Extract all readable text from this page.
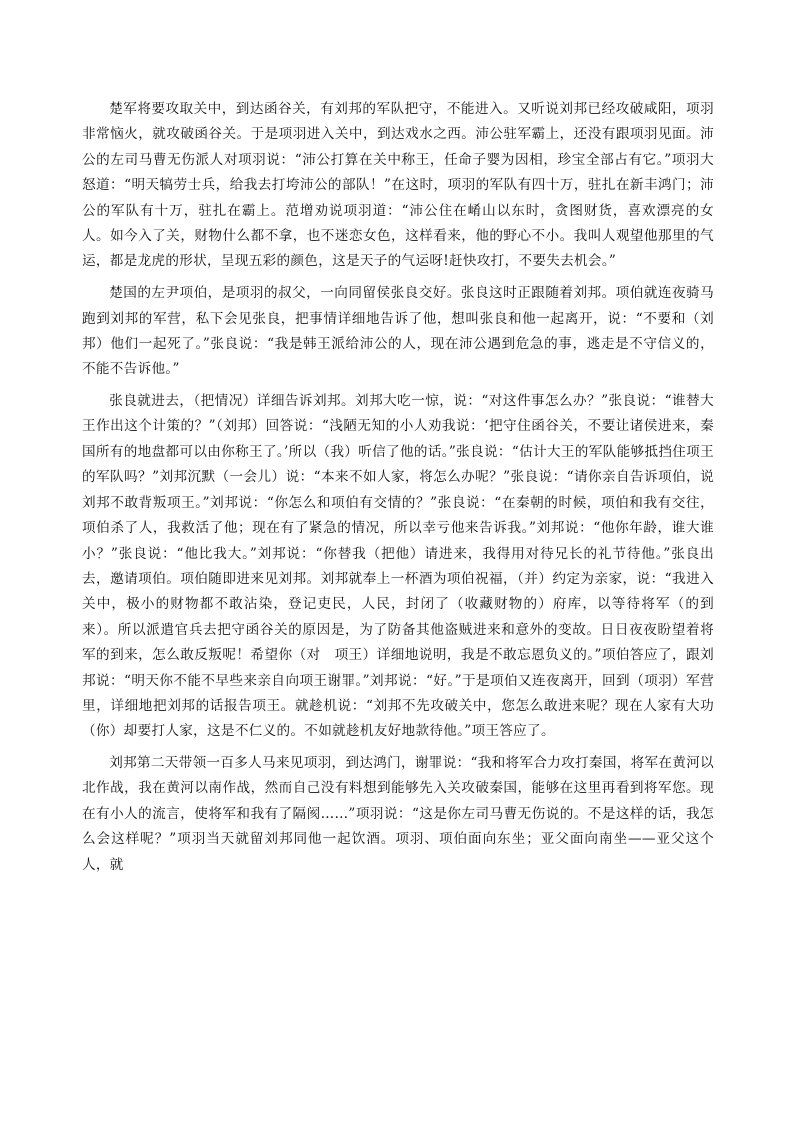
楚军将要攻取关中，到达函谷关，有刘邦的军队把守，不能进入。又听说刘邦已经攻破咸阳，项羽非常恼火，就攻破函谷关。于是项羽进入关中，到达戏水之西。沛公驻军霸上，还没有跟项羽见面。沛公的左司马曹无伤派人对项羽说：“沛公打算在关中称王，任命子婴为因相，珍宝全部占有它。”项羽大怒道：“明天犒劳士兵，给我去打垮沛公的部队！”在这时，项羽的军队有四十万，驻扎在新丰鸿门；沛公的军队有十万，驻扎在霸上。范增劝说项羽道：“沛公住在崤山以东时，贪图财货，喜欢漂亮的女人。如今入了关，财物什么都不拿，也不迷恋女色，这样看来，他的野心不小。我叫人观望他那里的气运，都是龙虎的形状，呈现五彩的颜色，这是天子的气运呀!赶快攻打，不要失去机会。”

楚国的左尹项伯，是项羽的叔父，一向同留侯张良交好。张良这时正跟随着刘邦。项伯就连夜骑马跑到刘邦的军营，私下会见张良，把事情详细地告诉了他，想叫张良和他一起离开，说：“不要和（刘邦）他们一起死了。”张良说：“我是韩王派给沛公的人，现在沛公遇到危急的事，逃走是不守信义的，不能不告诉他。”

张良就进去，（把情况）详细告诉刘邦。刘邦大吃一惊，说：“对这件事怎么办？”张良说：“谁替大王作出这个计策的？”（刘邦）回答说：“浅陋无知的小人劝我说：‘把守住函谷关，不要让诸侯进来，秦国所有的地盘都可以由你称王了。’所以（我）听信了他的话。”张良说：“估计大王的军队能够抵挡住项王的军队吗？”刘邦沉默（一会儿）说：“本来不如人家，将怎么办呢？”张良说：“请你亲自告诉项伯，说刘邦不敢背叛项王。”刘邦说：“你怎么和项伯有交情的？”张良说：“在秦朝的时候，项伯和我有交往，项伯杀了人，我救活了他；现在有了紧急的情况，所以幸亏他来告诉我。”刘邦说：“他你年龄，谁大谁小？”张良说：“他比我大。”刘邦说：“你替我（把他）请进来，我得用对待兄长的礼节待他。”张良出去，邀请项伯。项伯随即进来见刘邦。刘邦就奉上一杯酒为项伯祝福，（并）约定为亲家，说：“我进入关中，极小的财物都不敢沾染，登记吏民，人民，封闭了（收藏财物的）府库，以等待将军（的到来）。所以派遣官兵去把守函谷关的原因是，为了防备其他盗贼进来和意外的变故。日日夜夜盼望着将军的到来，怎么敢反叛呢！希望你（对　项王）详细地说明，我是不敢忘恩负义的。”项伯答应了，跟刘邦说：“明天你不能不早些来亲自向项王谢罪。”刘邦说：“好。”于是项伯又连夜离开，回到（项羽）军营里，详细地把刘邦的话报告项王。就趁机说：“刘邦不先攻破关中，您怎么敢进来呢？现在人家有大功（你）却要打人家，这是不仁义的。不如就趁机友好地款待他。”项王答应了。

刘邦第二天带领一百多人马来见项羽，到达鸿门，谢罪说：“我和将军合力攻打秦国，将军在黄河以北作战，我在黄河以南作战，然而自己没有料想到能够先入关攻破秦国，能够在这里再看到将军您。现在有小人的流言，使将军和我有了隔阂……”项羽说：“这是你左司马曹无伤说的。不是这样的话，我怎么会这样呢？”项羽当天就留刘邦同他一起饮酒。项羽、项伯面向东坐；亚父面向南坐——亚父这个人，就
